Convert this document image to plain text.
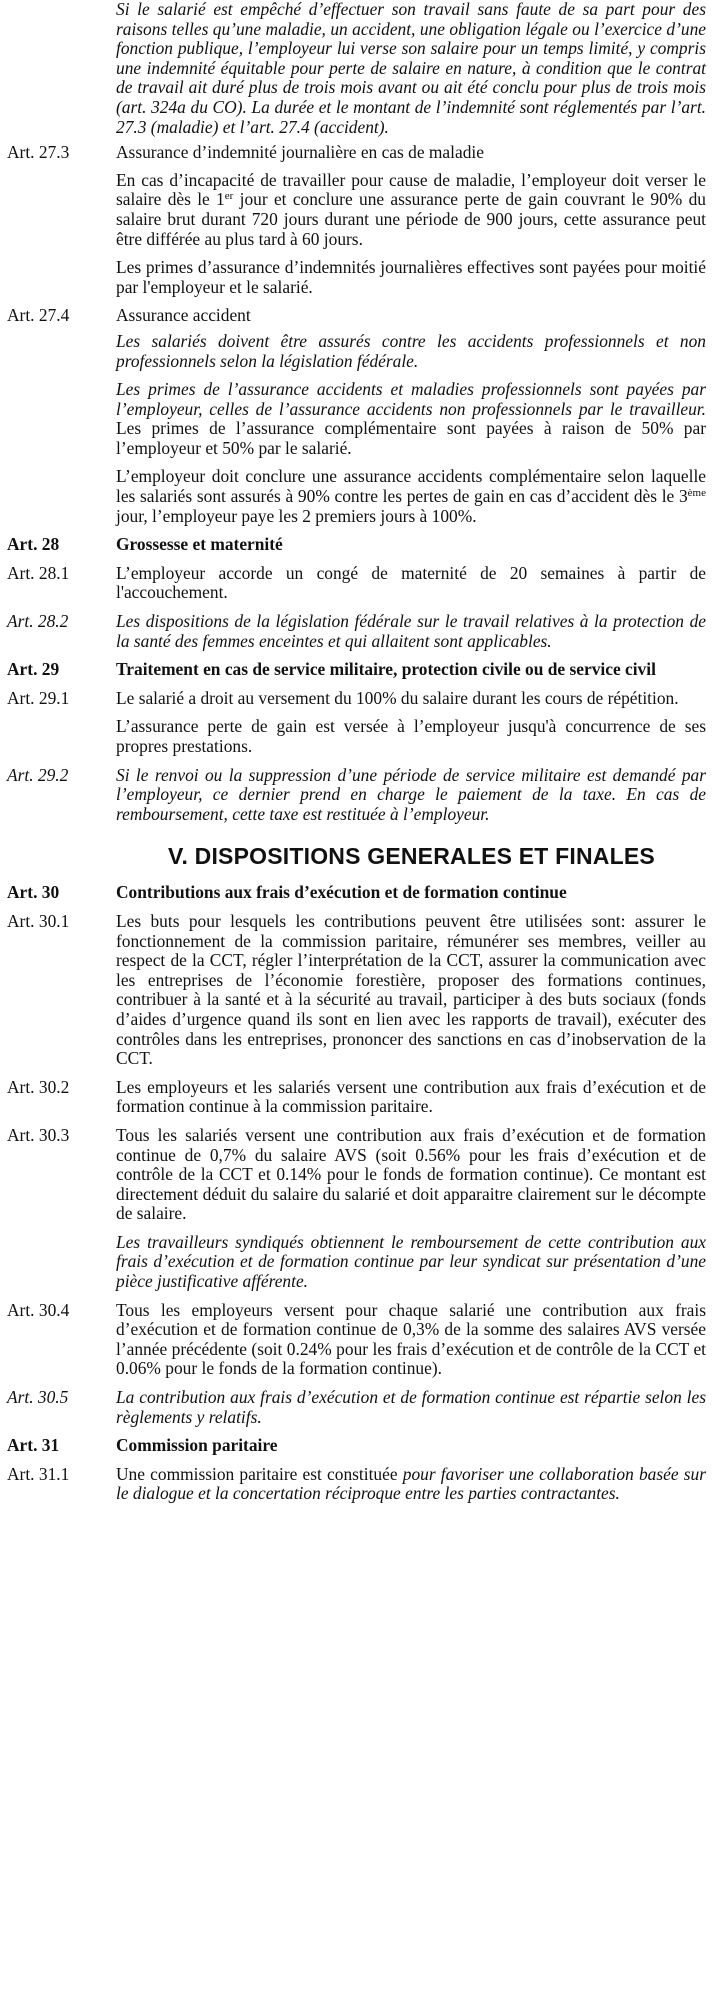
Si le salarié est empêché d’effectuer son travail sans faute de sa part pour des raisons telles qu’une maladie, un accident, une obligation légale ou l’exercice d’une fonction publique, l’employeur lui verse son salaire pour un temps limité, y compris une indemnité équitable pour perte de salaire en nature, à condition que le contrat de travail ait duré plus de trois mois avant ou ait été conclu pour plus de trois mois (art. 324a du CO). La durée et le montant de l’indemnité sont réglementés par l’art. 27.3 (maladie) et l’art. 27.4 (accident).

Art. 27.3	Assurance d’indemnité journalière en cas de maladie

En cas d’incapacité de travailler pour cause de maladie, l’employeur doit verser le salaire dès le 1er jour et conclure une assurance perte de gain couvrant le 90% du salaire brut durant 720 jours durant une période de 900 jours, cette assurance peut être différée au plus tard à 60 jours.

Les primes d’assurance d’indemnités journalières effectives sont payées pour moitié par l'employeur et le salarié.

Art. 27.4	Assurance accident

Les salariés doivent être assurés contre les accidents professionnels et non professionnels selon la législation fédérale.

Les primes de l’assurance accidents et maladies professionnels sont payées par l’employeur, celles de l’assurance accidents non professionnels par le travailleur. Les primes de l’assurance complémentaire sont payées à raison de 50% par l’employeur et 50% par le salarié.

L’employeur doit conclure une assurance accidents complémentaire selon laquelle les salariés sont assurés à 90% contre les pertes de gain en cas d’accident dès le 3ème jour, l’employeur paye les 2 premiers jours à 100%.

Art. 28	Grossesse et maternité

Art. 28.1	L’employeur accorde un congé de maternité de 20 semaines à partir de l'accouchement.

Art. 28.2	Les dispositions de la législation fédérale sur le travail relatives à la protection de la santé des femmes enceintes et qui allaitent sont applicables.

Art. 29	Traitement en cas de service militaire, protection civile ou de service civil

Art. 29.1	Le salarié a droit au versement du 100% du salaire durant les cours de répétition.

L’assurance perte de gain est versée à l’employeur jusqu'à concurrence de ses propres prestations.

Art. 29.2	Si le renvoi ou la suppression d’une période de service militaire est demandé par l’employeur, ce dernier prend en charge le paiement de la taxe. En cas de remboursement, cette taxe est restituée à l’employeur.

V. DISPOSITIONS GENERALES ET FINALES
Art. 30	Contributions aux frais d’exécution et de formation continue

Art. 30.1	Les buts pour lesquels les contributions peuvent être utilisées sont: assurer le fonctionnement de la commission paritaire, rémunérer ses membres, veiller au respect de la CCT, régler l’interprétation de la CCT, assurer la communication avec les entreprises de l’économie forestière, proposer des formations continues, contribuer à la santé et à la sécurité au travail, participer à des buts sociaux (fonds d’aides d’urgence quand ils sont en lien avec les rapports de travail), exécuter des contrôles dans les entreprises, prononcer des sanctions en cas d’inobservation de la CCT.

Art. 30.2	Les employeurs et les salariés versent une contribution aux frais d’exécution et de formation continue à la commission paritaire.

Art. 30.3	Tous les salariés versent une contribution aux frais d’exécution et de formation continue de 0,7% du salaire AVS (soit 0.56% pour les frais d’exécution et de contrôle de la CCT et 0.14% pour le fonds de formation continue). Ce montant est directement déduit du salaire du salarié et doit apparaitre clairement sur le décompte de salaire.

Les travailleurs syndiqués obtiennent le remboursement de cette contribution aux frais d’exécution et de formation continue par leur syndicat sur présentation d’une pièce justificative afférente.

Art. 30.4	Tous les employeurs versent pour chaque salarié une contribution aux frais d’exécution et de formation continue de 0,3% de la somme des salaires AVS versée l’année précédente (soit 0.24% pour les frais d’exécution et de contrôle de la CCT et 0.06% pour le fonds de la formation continue).

Art. 30.5	La contribution aux frais d’exécution et de formation continue est répartie selon les règlements y relatifs.

Art. 31	Commission paritaire

Art. 31.1	Une commission paritaire est constituée pour favoriser une collaboration basée sur le dialogue et la concertation réciproque entre les parties contractantes.
